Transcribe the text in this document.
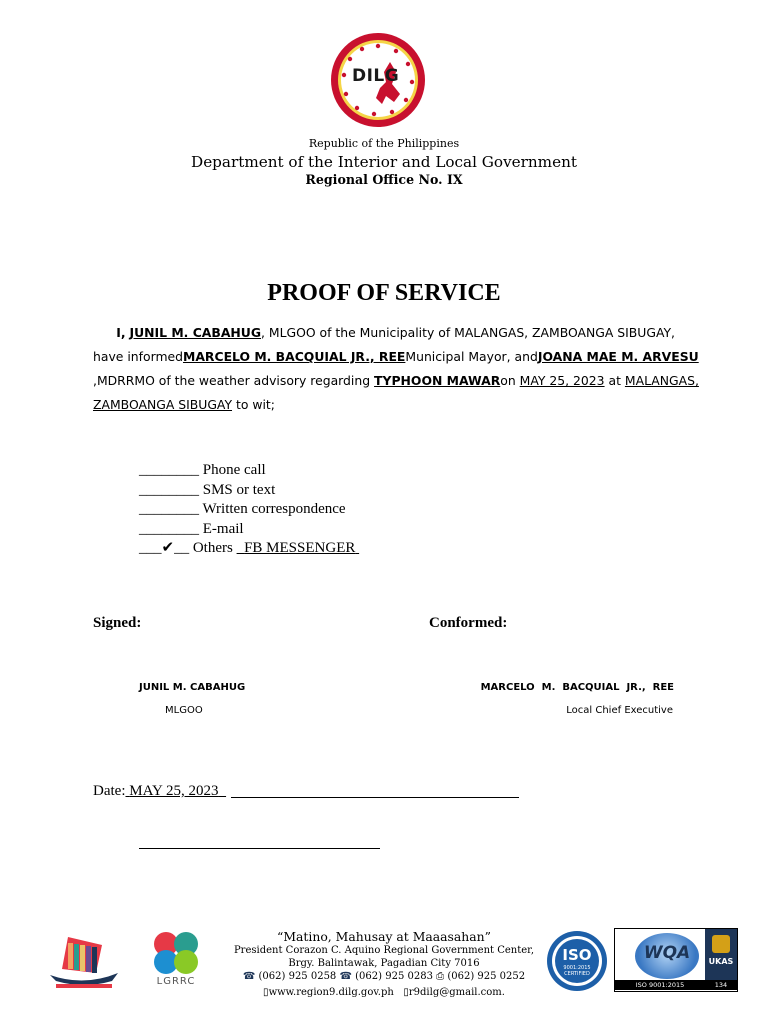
DILG
Republic of the Philippines
Department of the Interior and Local Government
Regional Office No. IX
PROOF OF SERVICE
I, JUNIL M. CABAHUG, MLGOO of the Municipality of MALANGAS, ZAMBOANGA SIBUGAY,
have informed MARCELO M. BACQUIAL JR., REE Municipal Mayor, and JOANA MAE M. ARVESU
,MDRRMO of the weather advisory regarding TYPHOON MAWARon MAY 25, 2023 at MALANGAS,
ZAMBOANGA SIBUGAY to wit;
________ Phone call
________ SMS or text
________ Written correspondence
________ E-mail
___✔__ Others FB MESSENGER
Signed:	Conformed:
JUNIL M. CABAHUG
MLGOO
MARCELO  M.  BACQUIAL  JR.,  REE
Local Chief Executive
Date: MAY 25, 2023
LGRRC
“Matino, Mahusay at Maaasahan”
President Corazon C. Aquino Regional Government Center,
Brgy. Balintawak, Pagadian City 7016
☎ (062) 925 0258 ☎ (062) 925 0283 ⎙ (062) 925 0252
▯www.region9.dilg.gov.ph ▯r9dilg@gmail.com.
ISO
9001:2015 CERTIFIED
WQA	UKAS
ISO 9001:2015	134
